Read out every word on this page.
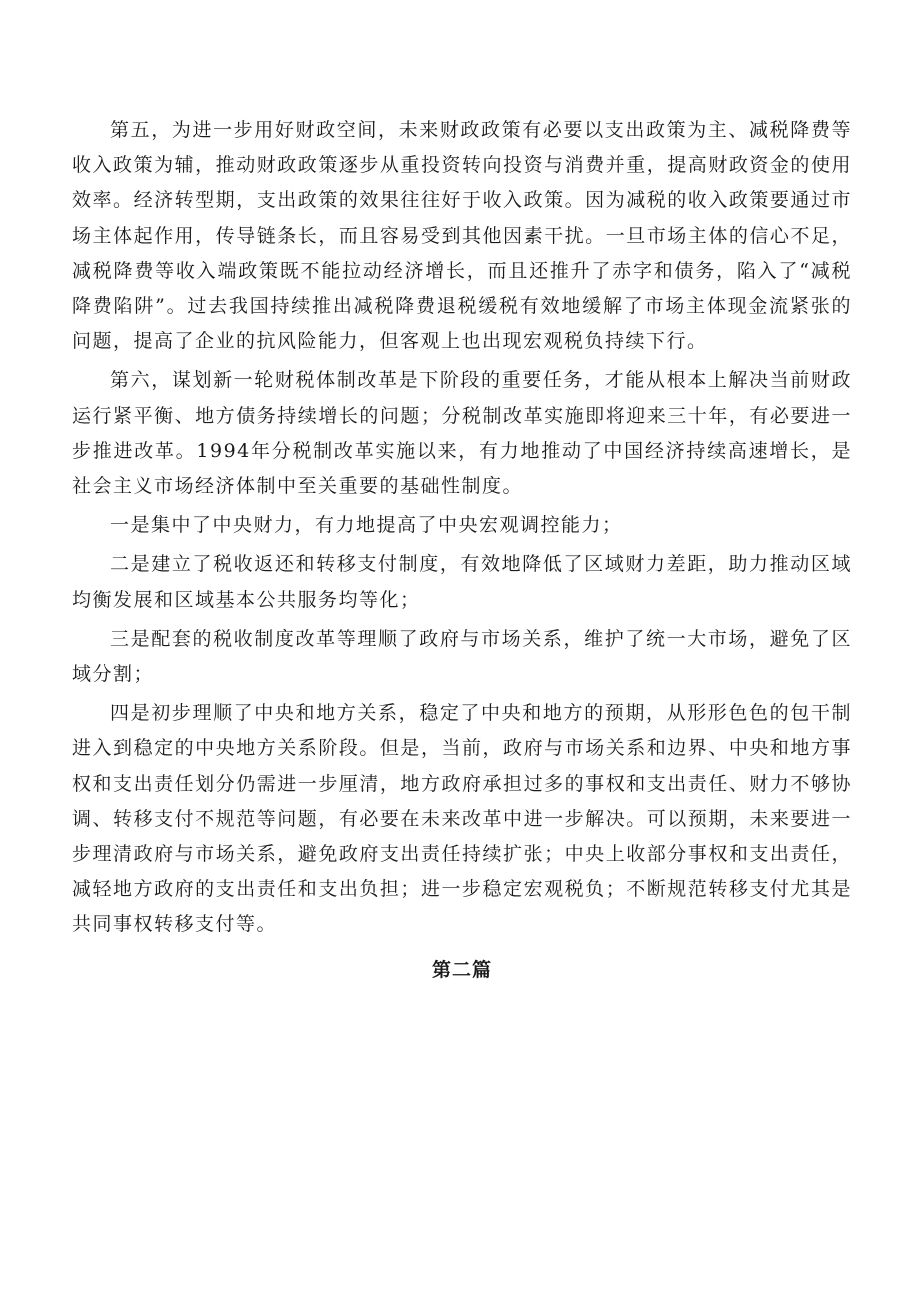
第五，为进一步用好财政空间，未来财政政策有必要以支出政策为主、减税降费等收入政策为辅，推动财政政策逐步从重投资转向投资与消费并重，提高财政资金的使用效率。经济转型期，支出政策的效果往往好于收入政策。因为减税的收入政策要通过市场主体起作用，传导链条长，而且容易受到其他因素干扰。一旦市场主体的信心不足，减税降费等收入端政策既不能拉动经济增长，而且还推升了赤字和债务，陷入了“减税降费陷阱”。过去我国持续推出减税降费退税缓税有效地缓解了市场主体现金流紧张的问题，提高了企业的抗风险能力，但客观上也出现宏观税负持续下行。

第六，谋划新一轮财税体制改革是下阶段的重要任务，才能从根本上解决当前财政运行紧平衡、地方债务持续增长的问题；分税制改革实施即将迎来三十年，有必要进一步推进改革。1994年分税制改革实施以来，有力地推动了中国经济持续高速增长，是社会主义市场经济体制中至关重要的基础性制度。

一是集中了中央财力，有力地提高了中央宏观调控能力；

二是建立了税收返还和转移支付制度，有效地降低了区域财力差距，助力推动区域均衡发展和区域基本公共服务均等化；

三是配套的税收制度改革等理顺了政府与市场关系，维护了统一大市场，避免了区域分割；

四是初步理顺了中央和地方关系，稳定了中央和地方的预期，从形形色色的包干制进入到稳定的中央地方关系阶段。但是，当前，政府与市场关系和边界、中央和地方事权和支出责任划分仍需进一步厘清，地方政府承担过多的事权和支出责任、财力不够协调、转移支付不规范等问题，有必要在未来改革中进一步解决。可以预期，未来要进一步理清政府与市场关系，避免政府支出责任持续扩张；中央上收部分事权和支出责任，减轻地方政府的支出责任和支出负担；进一步稳定宏观税负；不断规范转移支付尤其是共同事权转移支付等。

第二篇
